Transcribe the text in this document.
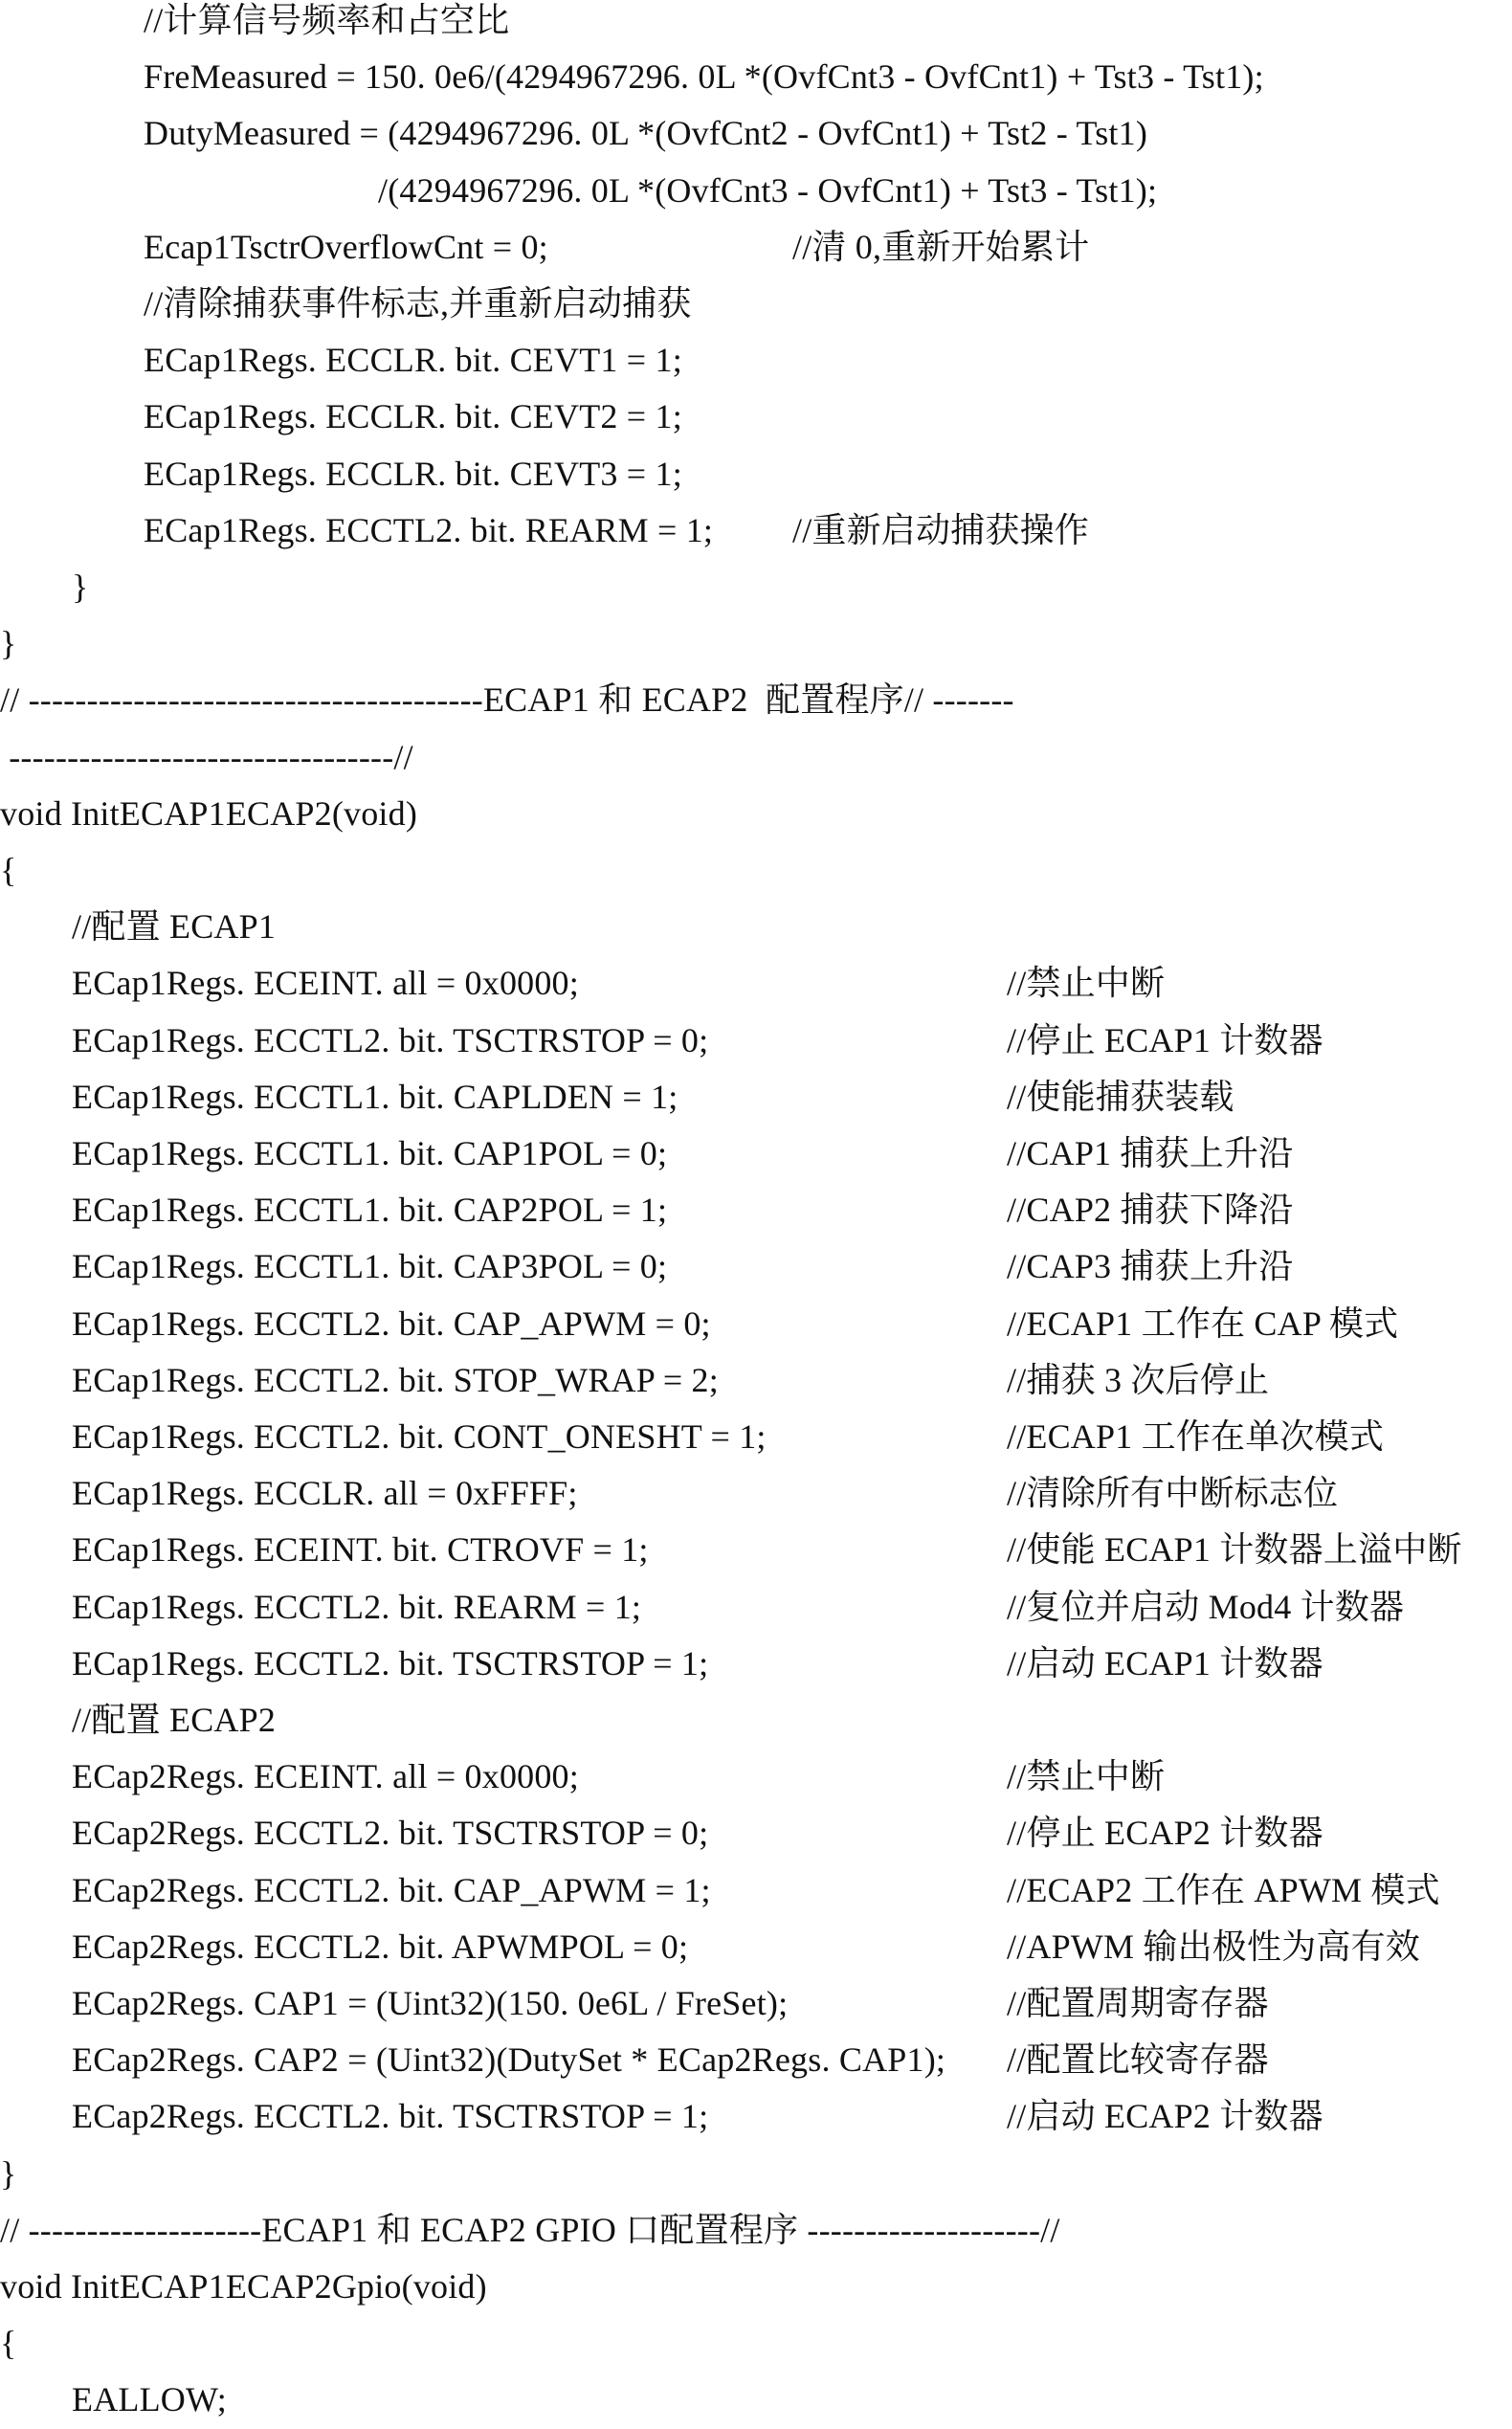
//计算信号频率和占空比
FreMeasured = 150. 0e6/(4294967296. 0L *(OvfCnt3 - OvfCnt1) + Tst3 - Tst1);
DutyMeasured = (4294967296. 0L *(OvfCnt2 - OvfCnt1) + Tst2 - Tst1)
/(4294967296. 0L *(OvfCnt3 - OvfCnt1) + Tst3 - Tst1);
Ecap1TsctrOverflowCnt = 0;	//清 0,重新开始累计
//清除捕获事件标志,并重新启动捕获
ECap1Regs. ECCLR. bit. CEVT1 = 1;
ECap1Regs. ECCLR. bit. CEVT2 = 1;
ECap1Regs. ECCLR. bit. CEVT3 = 1;
ECap1Regs. ECCTL2. bit. REARM = 1; //重新启动捕获操作
}
}
// ---------------------------------------ECAP1 和 ECAP2  配置程序// -------
---------------------------------//
void InitECAP1ECAP2(void)
{
//配置 ECAP1
ECap1Regs. ECEINT. all = 0x0000;	//禁止中断
ECap1Regs. ECCTL2. bit. TSCTRSTOP = 0;	//停止 ECAP1 计数器
ECap1Regs. ECCTL1. bit. CAPLDEN = 1;	//使能捕获装载
ECap1Regs. ECCTL1. bit. CAP1POL = 0;	//CAP1 捕获上升沿
ECap1Regs. ECCTL1. bit. CAP2POL = 1;	//CAP2 捕获下降沿
ECap1Regs. ECCTL1. bit. CAP3POL = 0;	//CAP3 捕获上升沿
ECap1Regs. ECCTL2. bit. CAP_APWM = 0;	//ECAP1 工作在 CAP 模式
ECap1Regs. ECCTL2. bit. STOP_WRAP = 2;	//捕获 3 次后停止
ECap1Regs. ECCTL2. bit. CONT_ONESHT = 1;	//ECAP1 工作在单次模式
ECap1Regs. ECCLR. all = 0xFFFF;	//清除所有中断标志位
ECap1Regs. ECEINT. bit. CTROVF = 1;	//使能 ECAP1 计数器上溢中断
ECap1Regs. ECCTL2. bit. REARM = 1;	//复位并启动 Mod4 计数器
ECap1Regs. ECCTL2. bit. TSCTRSTOP = 1;	//启动 ECAP1 计数器
//配置 ECAP2
ECap2Regs. ECEINT. all = 0x0000;	//禁止中断
ECap2Regs. ECCTL2. bit. TSCTRSTOP = 0;	//停止 ECAP2 计数器
ECap2Regs. ECCTL2. bit. CAP_APWM = 1;	//ECAP2 工作在 APWM 模式
ECap2Regs. ECCTL2. bit. APWMPOL = 0;	//APWM 输出极性为高有效
ECap2Regs. CAP1 = (Uint32)(150. 0e6L / FreSet);	//配置周期寄存器
ECap2Regs. CAP2 = (Uint32)(DutySet * ECap2Regs. CAP1); //配置比较寄存器
ECap2Regs. ECCTL2. bit. TSCTRSTOP = 1;	//启动 ECAP2 计数器
}
// --------------------ECAP1 和 ECAP2 GPIO 口配置程序 --------------------//
void InitECAP1ECAP2Gpio(void)
{
EALLOW;
